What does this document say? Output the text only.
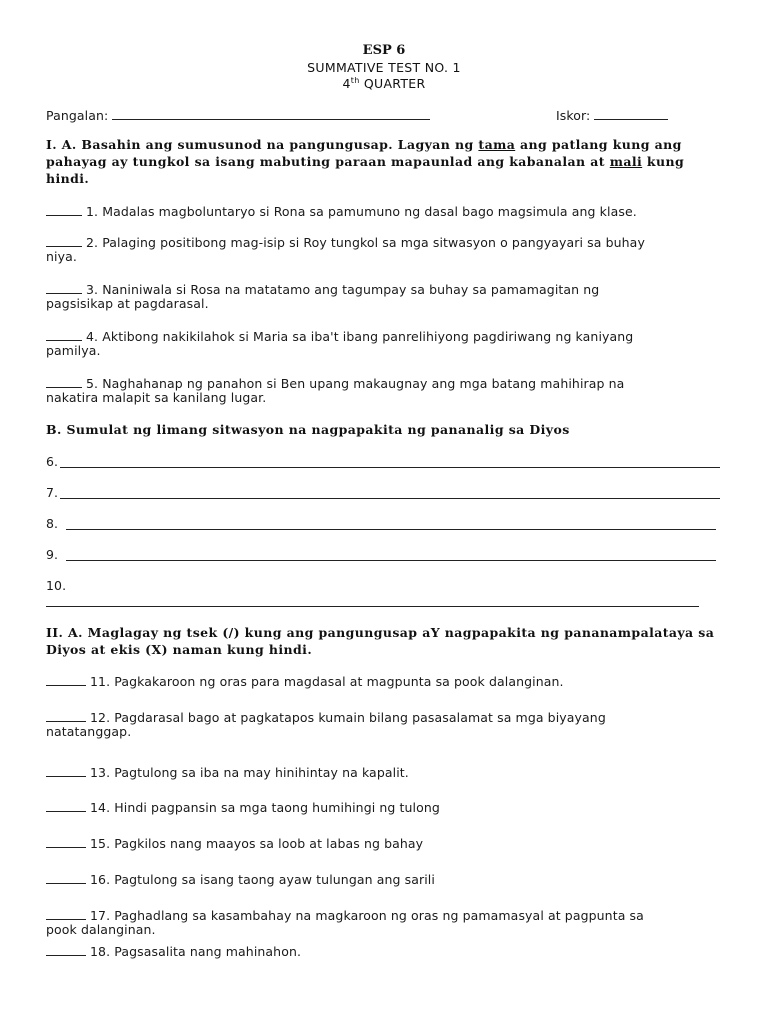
ESP 6
SUMMATIVE TEST NO. 1
4th QUARTER
Pangalan:	Iskor:
I. A. Basahin ang sumusunod na pangungusap. Lagyan ng tama ang patlang kung ang
pahayag ay tungkol sa isang mabuting paraan mapaunlad ang kabanalan at mali kung
hindi.
1. Madalas magboluntaryo si Rona sa pamumuno ng dasal bago magsimula ang klase.
2. Palaging positibong mag-isip si Roy tungkol sa mga sitwasyon o pangyayari sa buhay
niya.
3. Naniniwala si Rosa na matatamo ang tagumpay sa buhay sa pamamagitan ng
pagsisikap at pagdarasal.
4. Aktibong nakikilahok si Maria sa iba't ibang panrelihiyong pagdiriwang ng kaniyang
pamilya.
5. Naghahanap ng panahon si Ben upang makaugnay ang mga batang mahihirap na
nakatira malapit sa kanilang lugar.
B. Sumulat ng limang sitwasyon na nagpapakita ng pananalig sa Diyos
6.
7.
8.
9.
10.
II. A. Maglagay ng tsek (/) kung ang pangungusap aY nagpapakita ng pananampalataya sa
Diyos at ekis (X) naman kung hindi.
11. Pagkakaroon ng oras para magdasal at magpunta sa pook dalanginan.
12. Pagdarasal bago at pagkatapos kumain bilang pasasalamat sa mga biyayang
natatanggap.
13. Pagtulong sa iba na may hinihintay na kapalit.
14. Hindi pagpansin sa mga taong humihingi ng tulong
15. Pagkilos nang maayos sa loob at labas ng bahay
16. Pagtulong sa isang taong ayaw tulungan ang sarili
17. Paghadlang sa kasambahay na magkaroon ng oras ng pamamasyal at pagpunta sa
pook dalanginan.
18. Pagsasalita nang mahinahon.
